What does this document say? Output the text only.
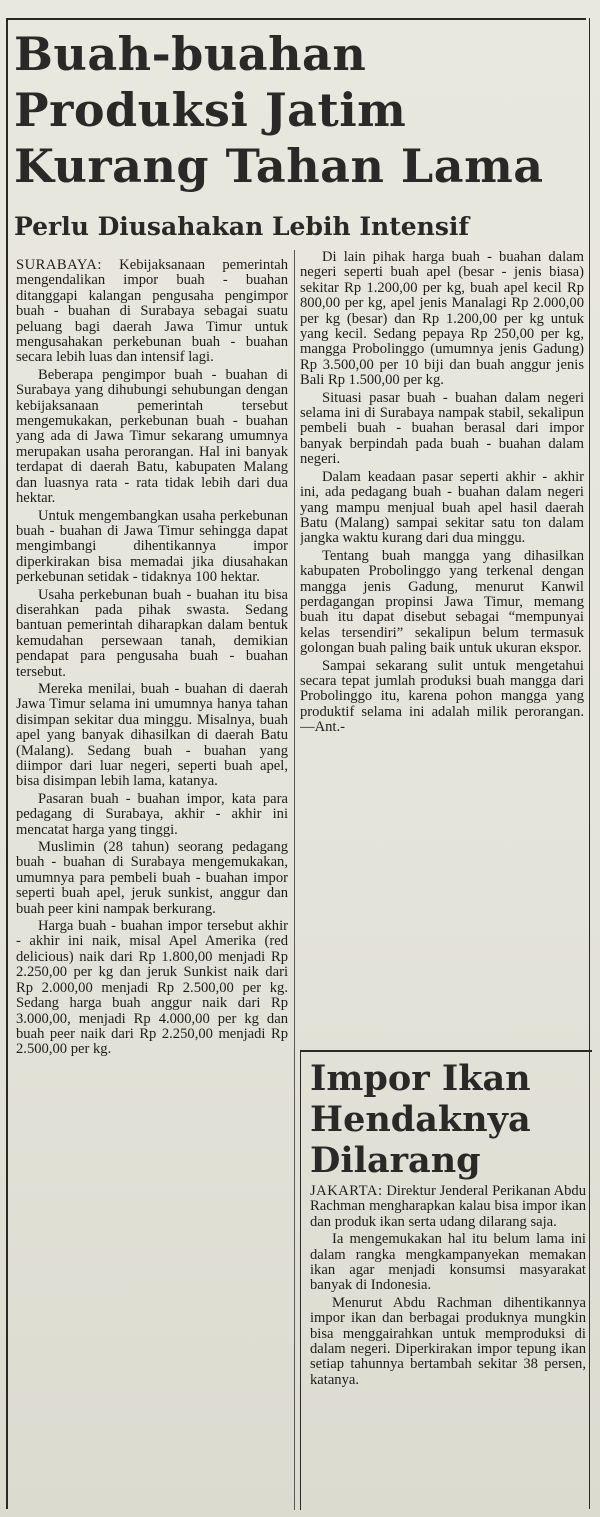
Buah-buahan Produksi Jatim Kurang Tahan Lama
Perlu Diusahakan Lebih Intensif

SURABAYA: Kebijaksanaan pemerintah mengendalikan impor buah - buahan ditanggapi kalangan pengusaha pengimpor buah - buahan di Surabaya sebagai suatu peluang bagi daerah Jawa Timur untuk mengusahakan perkebunan buah - buahan secara lebih luas dan intensif lagi.

Beberapa pengimpor buah - buahan di Surabaya yang dihubungi sehubungan dengan kebijaksanaan pemerintah tersebut mengemukakan, perkebunan buah - buahan yang ada di Jawa Timur sekarang umumnya merupakan usaha perorangan. Hal ini banyak terdapat di daerah Batu, kabupaten Malang dan luasnya rata - rata tidak lebih dari dua hektar.

Untuk mengembangkan usaha perkebunan buah - buahan di Jawa Timur sehingga dapat mengimbangi dihentikannya impor diperkirakan bisa memadai jika diusahakan perkebunan setidak - tidaknya 100 hektar.

Usaha perkebunan buah - buahan itu bisa diserahkan pada pihak swasta. Sedang bantuan pemerintah diharapkan dalam bentuk kemudahan persewaan tanah, demikian pendapat para pengusaha buah - buahan tersebut.

Mereka menilai, buah - buahan di daerah Jawa Timur selama ini umumnya hanya tahan disimpan sekitar dua minggu. Misalnya, buah apel yang banyak dihasilkan di daerah Batu (Malang). Sedang buah - buahan yang diimpor dari luar negeri, seperti buah apel, bisa disimpan lebih lama, katanya.

Pasaran buah - buahan impor, kata para pedagang di Surabaya, akhir - akhir ini mencatat harga yang tinggi.

Muslimin (28 tahun) seorang pedagang buah - buahan di Surabaya mengemukakan, umumnya para pembeli buah - buahan impor seperti buah apel, jeruk sunkist, anggur dan buah peer kini nampak berkurang.

Harga buah - buahan impor tersebut akhir - akhir ini naik, misal Apel Amerika (red delicious) naik dari Rp 1.800,00 menjadi Rp 2.250,00 per kg dan jeruk Sunkist naik dari Rp 2.000,00 menjadi Rp 2.500,00 per kg. Sedang harga buah anggur naik dari Rp 3.000,00, menjadi Rp 4.000,00 per kg dan buah peer naik dari Rp 2.250,00 menjadi Rp 2.500,00 per kg.

Di lain pihak harga buah - buahan dalam negeri seperti buah apel (besar - jenis biasa) sekitar Rp 1.200,00 per kg, buah apel kecil Rp 800,00 per kg, apel jenis Manalagi Rp 2.000,00 per kg (besar) dan Rp 1.200,00 per kg untuk yang kecil. Sedang pepaya Rp 250,00 per kg, mangga Probolinggo (umumnya jenis Gadung) Rp 3.500,00 per 10 biji dan buah anggur jenis Bali Rp 1.500,00 per kg.

Situasi pasar buah - buahan dalam negeri selama ini di Surabaya nampak stabil, sekalipun pembeli buah - buahan berasal dari impor banyak berpindah pada buah - buahan dalam negeri.

Dalam keadaan pasar seperti akhir - akhir ini, ada pedagang buah - buahan dalam negeri yang mampu menjual buah apel hasil daerah Batu (Malang) sampai sekitar satu ton dalam jangka waktu kurang dari dua minggu.

Tentang buah mangga yang dihasilkan kabupaten Probolinggo yang terkenal dengan mangga jenis Gadung, menurut Kanwil perdagangan propinsi Jawa Timur, memang buah itu dapat disebut sebagai “mempunyai kelas tersendiri” sekalipun belum termasuk golongan buah paling baik untuk ukuran ekspor.

Sampai sekarang sulit untuk mengetahui secara tepat jumlah produksi buah mangga dari Probolinggo itu, karena pohon mangga yang produktif selama ini adalah milik perorangan. —Ant.-

Impor Ikan Hendaknya Dilarang

JAKARTA: Direktur Jenderal Perikanan Abdu Rachman mengharapkan kalau bisa impor ikan dan produk ikan serta udang dilarang saja.

Ia mengemukakan hal itu belum lama ini dalam rangka mengkampanyekan memakan ikan agar menjadi konsumsi masyarakat banyak di Indonesia.

Menurut Abdu Rachman dihentikannya impor ikan dan berbagai produknya mungkin bisa menggairahkan untuk memproduksi di dalam negeri. Diperkirakan impor tepung ikan setiap tahunnya bertambah sekitar 38 persen, katanya.
